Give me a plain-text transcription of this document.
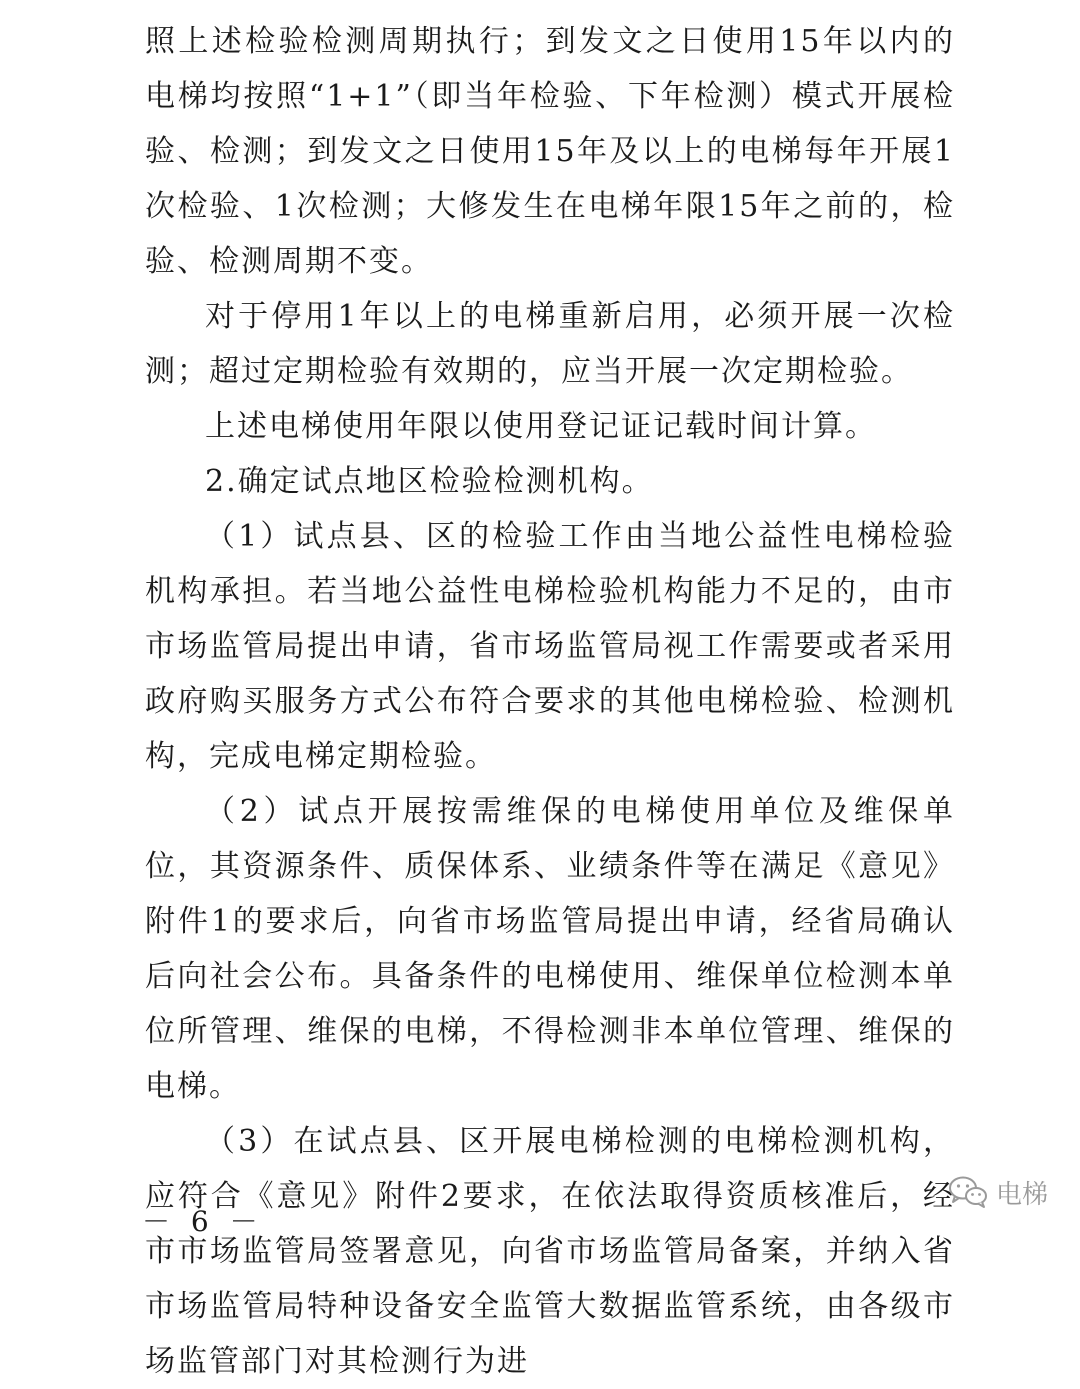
照上述检验检测周期执行；到发文之日使用15年以内的电梯均按照“1+1”（即当年检验、下年检测）模式开展检验、检测；到发文之日使用15年及以上的电梯每年开展1次检验、1次检测；大修发生在电梯年限15年之前的，检验、检测周期不变。

对于停用1年以上的电梯重新启用，必须开展一次检测；超过定期检验有效期的，应当开展一次定期检验。

上述电梯使用年限以使用登记证记载时间计算。

2.确定试点地区检验检测机构。

（1）试点县、区的检验工作由当地公益性电梯检验机构承担。若当地公益性电梯检验机构能力不足的，由市市场监管局提出申请，省市场监管局视工作需要或者采用政府购买服务方式公布符合要求的其他电梯检验、检测机构，完成电梯定期检验。

（2）试点开展按需维保的电梯使用单位及维保单位，其资源条件、质保体系、业绩条件等在满足《意见》附件1的要求后，向省市场监管局提出申请，经省局确认后向社会公布。具备条件的电梯使用、维保单位检测本单位所管理、维保的电梯，不得检测非本单位管理、维保的电梯。

（3）在试点县、区开展电梯检测的电梯检测机构，应符合《意见》附件2要求，在依法取得资质核准后，经市市场监管局签署意见，向省市场监管局备案，并纳入省市场监管局特种设备安全监管大数据监管系统，由各级市场监管部门对其检测行为进

－ 6 －
电梯
